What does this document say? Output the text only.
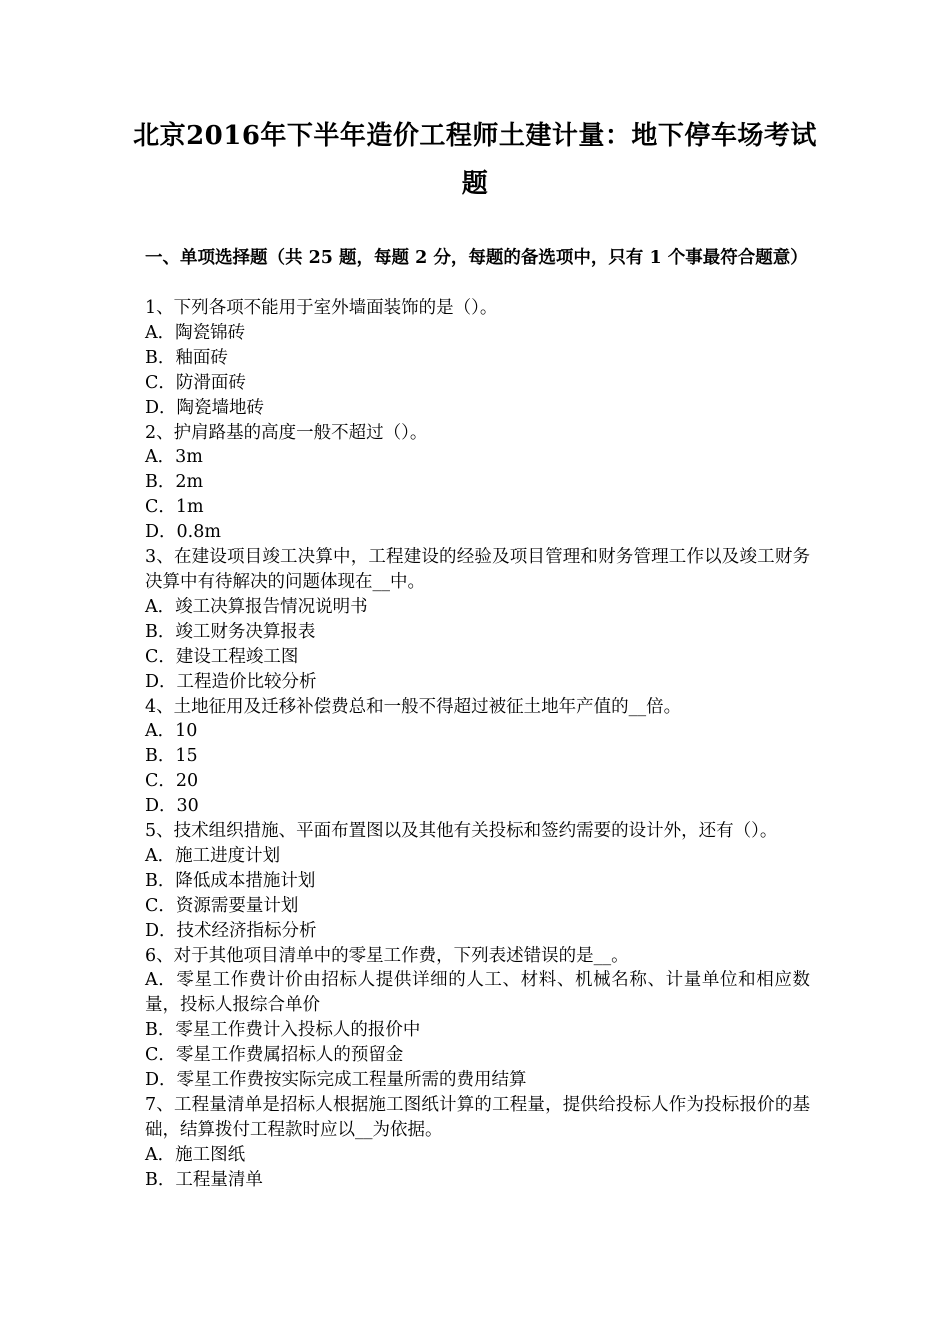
北京2016年下半年造价工程师土建计量：地下停车场考试题
一、单项选择题（共 25 题，每题 2 分，每题的备选项中，只有 1 个事最符合题意）
1、下列各项不能用于室外墙面装饰的是（）。
A．陶瓷锦砖
B．釉面砖
C．防滑面砖
D．陶瓷墙地砖
2、护肩路基的高度一般不超过（）。
A．3m
B．2m
C．1m
D．0.8m
3、在建设项目竣工决算中，工程建设的经验及项目管理和财务管理工作以及竣工财务决算中有待解决的问题体现在__中。
A．竣工决算报告情况说明书
B．竣工财务决算报表
C．建设工程竣工图
D．工程造价比较分析
4、土地征用及迁移补偿费总和一般不得超过被征土地年产值的__倍。
A．10
B．15
C．20
D．30
5、技术组织措施、平面布置图以及其他有关投标和签约需要的设计外，还有（）。
A．施工进度计划
B．降低成本措施计划
C．资源需要量计划
D．技术经济指标分析
6、对于其他项目清单中的零星工作费，下列表述错误的是__。
A．零星工作费计价由招标人提供详细的人工、材料、机械名称、计量单位和相应数量，投标人报综合单价
B．零星工作费计入投标人的报价中
C．零星工作费属招标人的预留金
D．零星工作费按实际完成工程量所需的费用结算
7、工程量清单是招标人根据施工图纸计算的工程量，提供给投标人作为投标报价的基础，结算拨付工程款时应以__为依据。
A．施工图纸
B．工程量清单
